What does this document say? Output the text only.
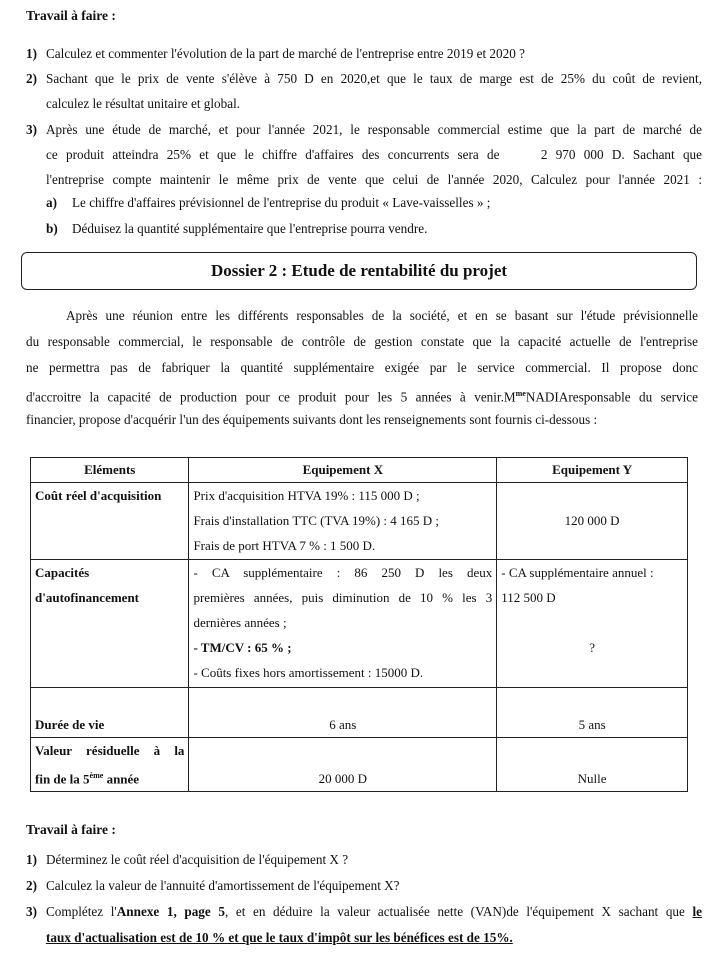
Travail à faire :
1) Calculez et commenter l'évolution de la part de marché de l'entreprise entre 2019 et 2020 ?
2) Sachant que le prix de vente s'élève à 750 D en 2020,et que le taux de marge est de 25% du coût de revient,
calculez le résultat unitaire et global.
3) Après une étude de marché, et pour l'année 2021, le responsable commercial estime que la part de marché de
ce produit atteindra 25% et que le chiffre d'affaires des concurrents sera de     2 970 000 D. Sachant que
l'entreprise compte maintenir le même prix de vente que celui de l'année 2020, Calculez pour l'année 2021 :
a) Le chiffre d'affaires prévisionnel de l'entreprise du produit « Lave-vaisselles » ;
b) Déduisez la quantité supplémentaire que l'entreprise pourra vendre.
Dossier 2 : Etude de rentabilité du projet
Après une réunion entre les différents responsables de la société, et en se basant sur l'étude prévisionnelle
du responsable commercial, le responsable de contrôle de gestion constate que la capacité actuelle de l'entreprise
ne permettra pas de fabriquer la quantité supplémentaire exigée par le service commercial. Il propose donc
d'accroitre la capacité de production pour ce produit pour les 5 années à $venir.M^{me}NADIAresponsable$ du service
financier, propose d'acquérir l'un des équipements suivants dont les renseignements sont fournis ci-dessous :
Eléments	Equipement X	Equipement Y

Coût réel d'acquisition	Prix d'acquisition HTVA 19% : 115 000 D ;
Frais d'installation TTC (TVA 19%) : 4 165 D ;
Frais de port HTVA 7 % : 1 500 D.	120 000 D

Capacités
d'autofinancement	- CA supplémentaire : 86 250 D les deux
premières années, puis diminution de 10 % les 3
dernières années ;
- TM/CV : 65 % ;
- Coûts fixes hors amortissement : 15000 D.	- CA supplémentaire annuel :
112 500 D
?

Durée de vie	6 ans	5 ans

Valeur résiduelle à la
fin de la 5ème année	20 000 D	Nulle
Travail à faire :
1) Déterminez le coût réel d'acquisition de l'équipement X ?
2) Calculez la valeur de l'annuité d'amortissement de l'équipement X?
3) Complétez l'Annexe 1, page 5, et en déduire la valeur actualisée nette (VAN)de l'équipement X sachant que le
taux d'actualisation est de 10 % et que le taux d'impôt sur les bénéfices est de 15%.
